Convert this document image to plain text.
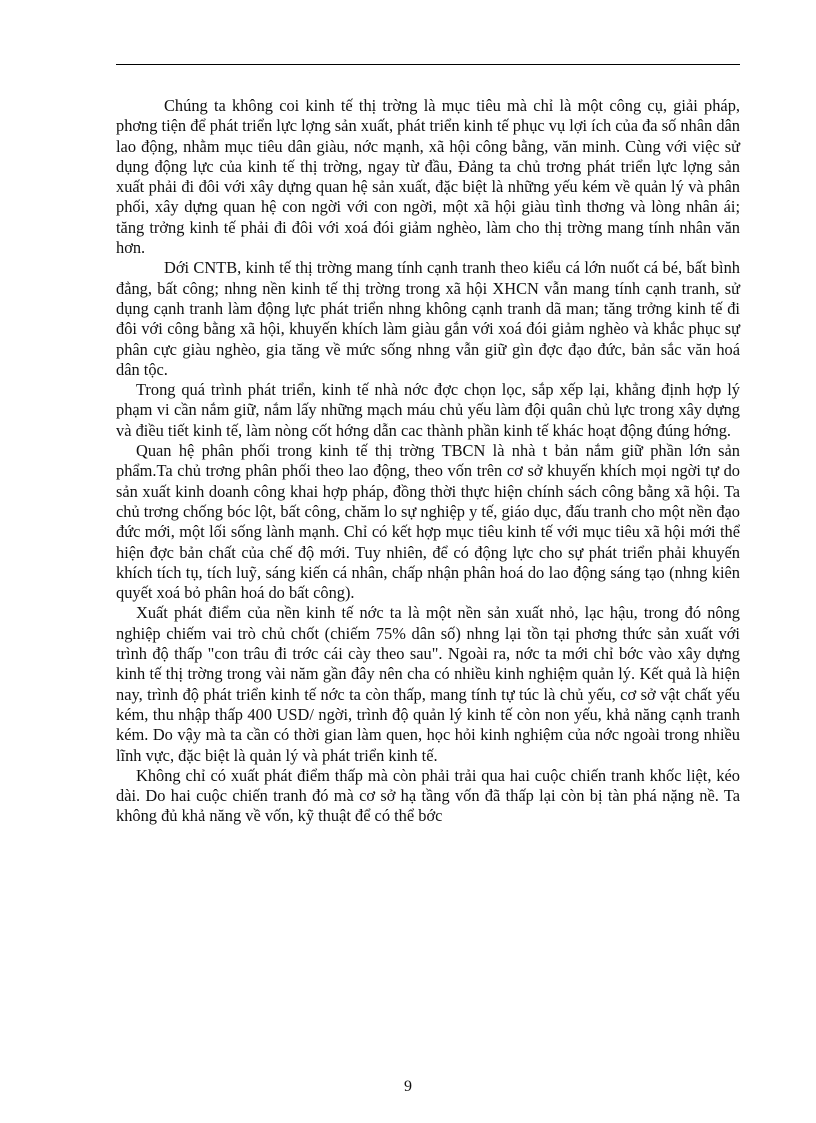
Chúng ta không coi kinh tế thị trờng là mục tiêu mà chỉ là một công cụ, giải pháp, phơng tiện để phát triển lực lợng sản xuất, phát triển kinh tế phục vụ lợi ích của đa số nhân dân lao động, nhằm mục tiêu dân giàu, nớc mạnh, xã hội công bằng, văn minh. Cùng với việc sử dụng động lực của kinh tế thị trờng, ngay từ đầu, Đảng ta chủ trơng phát triển lực lợng sản xuất phải đi đôi với xây dựng quan hệ sản xuất, đặc biệt là những yếu kém về quản lý và phân phối, xây dựng quan hệ con ngời với con ngời, một xã hội giàu tình thơng và lòng nhân ái; tăng trởng kinh tế phải đi đôi với xoá đói giảm nghèo, làm cho thị trờng mang tính nhân văn hơn.

Dới CNTB, kinh tế thị trờng mang tính cạnh tranh theo kiểu cá lớn nuốt cá bé, bất bình đẳng, bất công; nhng nền kinh tế thị trờng trong xã hội XHCN vẫn mang tính cạnh tranh, sử dụng cạnh tranh làm động lực phát triển nhng không cạnh tranh dã man; tăng trởng kinh tế đi đôi với công bằng xã hội, khuyến khích làm giàu gắn với xoá đói giảm nghèo và khắc phục sự phân cực giàu nghèo, gia tăng về mức sống nhng vẫn giữ gìn đợc đạo đức, bản sắc văn hoá dân tộc.

Trong quá trình phát triển, kinh tế nhà nớc đợc chọn lọc, sắp xếp lại, khẳng định hợp lý phạm vi cần nắm giữ, nắm lấy những mạch máu chủ yếu làm đội quân chủ lực trong xây dựng và điều tiết kinh tế, làm nòng cốt hớng dẫn cac thành phần kinh tế khác hoạt động đúng hớng.

Quan hệ phân phối trong kinh tế thị trờng TBCN là nhà t bản nắm giữ phần lớn sản phẩm.Ta chủ trơng phân phối theo lao động, theo vốn trên cơ sở khuyến khích mọi ngời tự do sản xuất kinh doanh công khai hợp pháp, đồng thời thực hiện chính sách công bằng xã hội. Ta chủ trơng chống bóc lột, bất công, chăm lo sự nghiệp y tế, giáo dục, đấu tranh cho một nền đạo đức mới, một lối sống lành mạnh. Chỉ có kết hợp mục tiêu kinh tế với mục tiêu xã hội mới thể hiện đợc bản chất của chế độ mới. Tuy nhiên, để có động lực cho sự phát triển phải khuyến khích tích tụ, tích luỹ, sáng kiến cá nhân, chấp nhận phân hoá do lao động sáng tạo (nhng kiên quyết xoá bỏ phân hoá do bất công).

Xuất phát điểm của nền kinh tế nớc ta là một nền sản xuất nhỏ, lạc hậu, trong đó nông nghiệp chiếm vai trò chủ chốt (chiếm 75% dân số) nhng lại tồn tại phơng thức sản xuất với trình độ thấp "con trâu đi trớc cái cày theo sau". Ngoài ra, nớc ta mới chỉ bớc vào xây dựng kinh tế thị trờng trong vài năm gần đây nên cha có nhiều kinh nghiệm quản lý. Kết quả là hiện nay, trình độ phát triển kinh tế nớc ta còn thấp, mang tính tự túc là chủ yếu, cơ sở vật chất yếu kém, thu nhập thấp 400 USD/ ngời, trình độ quản lý kinh tế còn non yếu, khả năng cạnh tranh kém. Do vậy mà ta cần có thời gian làm quen, học hỏi kinh nghiệm của nớc ngoài trong nhiều lĩnh vực, đặc biệt là quản lý và phát triển kinh tế.

Không chỉ có xuất phát điểm thấp mà còn phải trải qua hai cuộc chiến tranh khốc liệt, kéo dài. Do hai cuộc chiến tranh đó mà cơ sở hạ tầng vốn đã thấp lại còn bị tàn phá nặng nề. Ta không đủ khả năng về vốn, kỹ thuật để có thể bớc

9
